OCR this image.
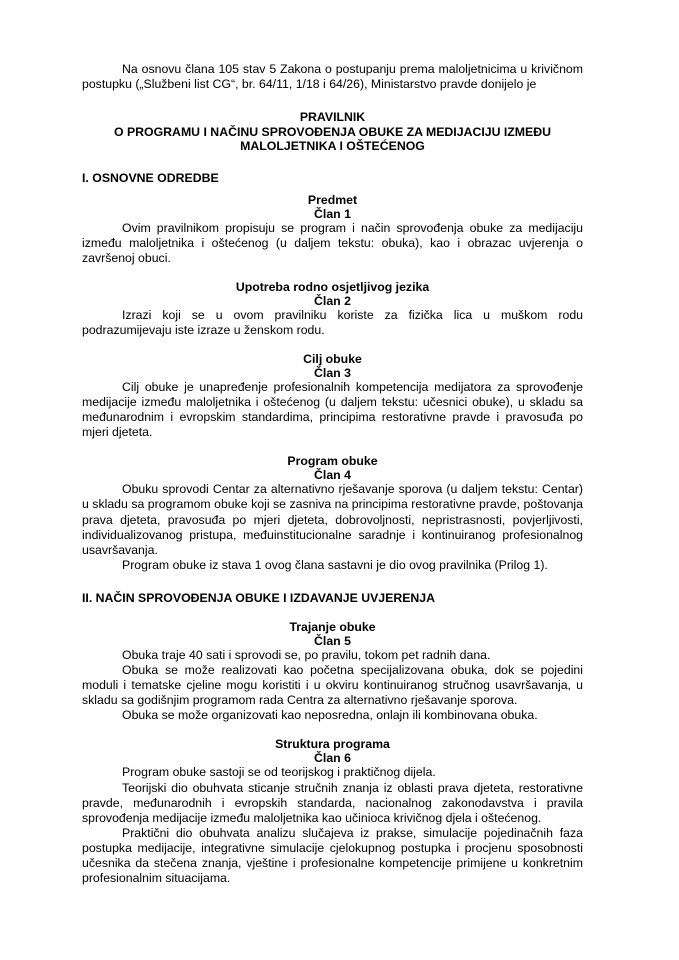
Na osnovu člana 105 stav 5 Zakona o postupanju prema maloljetnicima u krivičnom postupku („Službeni list CG“, br. 64/11, 1/18 i 64/26), Ministarstvo pravde donijelo je

PRAVILNIK
O PROGRAMU I NAČINU SPROVOĐENJA OBUKE ZA MEDIJACIJU IZMEĐU
MALOLJETNIKA I OŠTEĆENOG
I. OSNOVNE ODREDBE
Predmet
Član 1

Ovim pravilnikom propisuju se program i način sprovođenja obuke za medijaciju između maloljetnika i oštećenog (u daljem tekstu: obuka), kao i obrazac uvjerenja o završenoj obuci.

Upotreba rodno osjetljivog jezika
Član 2

Izrazi koji se u ovom pravilniku koriste za fizička lica u muškom rodu podrazumijevaju iste izraze u ženskom rodu.

Cilj obuke
Član 3

Cilj obuke je unapređenje profesionalnih kompetencija medijatora za sprovođenje medijacije između maloljetnika i oštećenog (u daljem tekstu: učesnici obuke), u skladu sa međunarodnim i evropskim standardima, principima restorativne pravde i pravosuđa po mjeri djeteta.

Program obuke
Član 4

Obuku sprovodi Centar za alternativno rješavanje sporova (u daljem tekstu: Centar) u skladu sa programom obuke koji se zasniva na principima restorativne pravde, poštovanja prava djeteta, pravosuđa po mjeri djeteta, dobrovoljnosti, nepristrasnosti, povjerljivosti, individualizovanog pristupa, međuinstitucionalne saradnje i kontinuiranog profesionalnog usavršavanja.

Program obuke iz stava 1 ovog člana sastavni je dio ovog pravilnika (Prilog 1).

II. NAČIN SPROVOĐENJA OBUKE I IZDAVANJE UVJERENJA
Trajanje obuke
Član 5

Obuka traje 40 sati i sprovodi se, po pravilu, tokom pet radnih dana.

Obuka se može realizovati kao početna specijalizovana obuka, dok se pojedini moduli i tematske cjeline mogu koristiti i u okviru kontinuiranog stručnog usavršavanja, u skladu sa godišnjim programom rada Centra za alternativno rješavanje sporova.

Obuka se može organizovati kao neposredna, onlajn ili kombinovana obuka.

Struktura programa
Član 6

Program obuke sastoji se od teorijskog i praktičnog dijela.

Teorijski dio obuhvata sticanje stručnih znanja iz oblasti prava djeteta, restorativne pravde, međunarodnih i evropskih standarda, nacionalnog zakonodavstva i pravila sprovođenja medijacije između maloljetnika kao učinioca krivičnog djela i oštećenog.

Praktični dio obuhvata analizu slučajeva iz prakse, simulacije pojedinačnih faza postupka medijacije, integrativne simulacije cjelokupnog postupka i procjenu sposobnosti učesnika da stečena znanja, vještine i profesionalne kompetencije primijene u konkretnim profesionalnim situacijama.
